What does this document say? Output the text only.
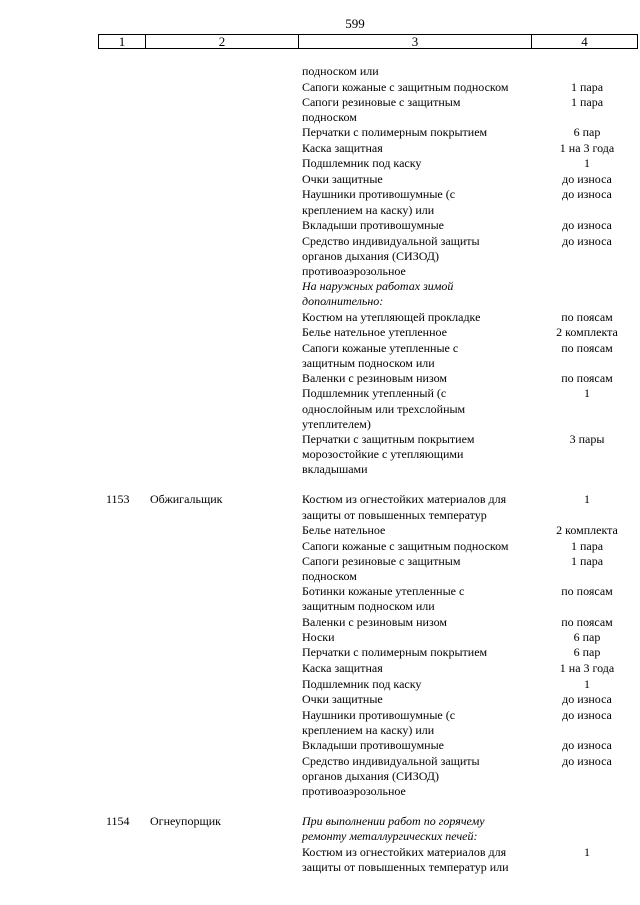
599
1	2	3	4
подноском или
Сапоги кожаные с защитным подноском	1 пара
Сапоги резиновые с защитным	1 пара
подноском
Перчатки с полимерным покрытием	6 пар
Каска защитная	1 на 3 года
Подшлемник под каску	1
Очки защитные	до износа
Наушники противошумные (с	до износа
креплением на каску) или
Вкладыши противошумные	до износа
Средство индивидуальной защиты	до износа
органов дыхания (СИЗОД)
противоаэрозольное
На наружных работах зимой
дополнительно:
Костюм на утепляющей прокладке	по поясам
Белье нательное утепленное	2 комплекта
Сапоги кожаные утепленные с	по поясам
защитным подноском или
Валенки с резиновым низом	по поясам
Подшлемник утепленный (с	1
однослойным или трехслойным
утеплителем)
Перчатки с защитным покрытием	3 пары
морозостойкие с утепляющими
вкладышами
1153 Обжигальщик	Костюм из огнестойких материалов для	1
защиты от повышенных температур
Белье нательное	2 комплекта
Сапоги кожаные с защитным подноском	1 пара
Сапоги резиновые с защитным	1 пара
подноском
Ботинки кожаные утепленные с	по поясам
защитным подноском или
Валенки с резиновым низом	по поясам
Носки	6 пар
Перчатки с полимерным покрытием	6 пар
Каска защитная	1 на 3 года
Подшлемник под каску	1
Очки защитные	до износа
Наушники противошумные (с	до износа
креплением на каску) или
Вкладыши противошумные	до износа
Средство индивидуальной защиты	до износа
органов дыхания (СИЗОД)
противоаэрозольное
1154 Огнеупорщик	При выполнении работ по горячему
ремонту металлургических печей:
Костюм из огнестойких материалов для	1
защиты от повышенных температур или
